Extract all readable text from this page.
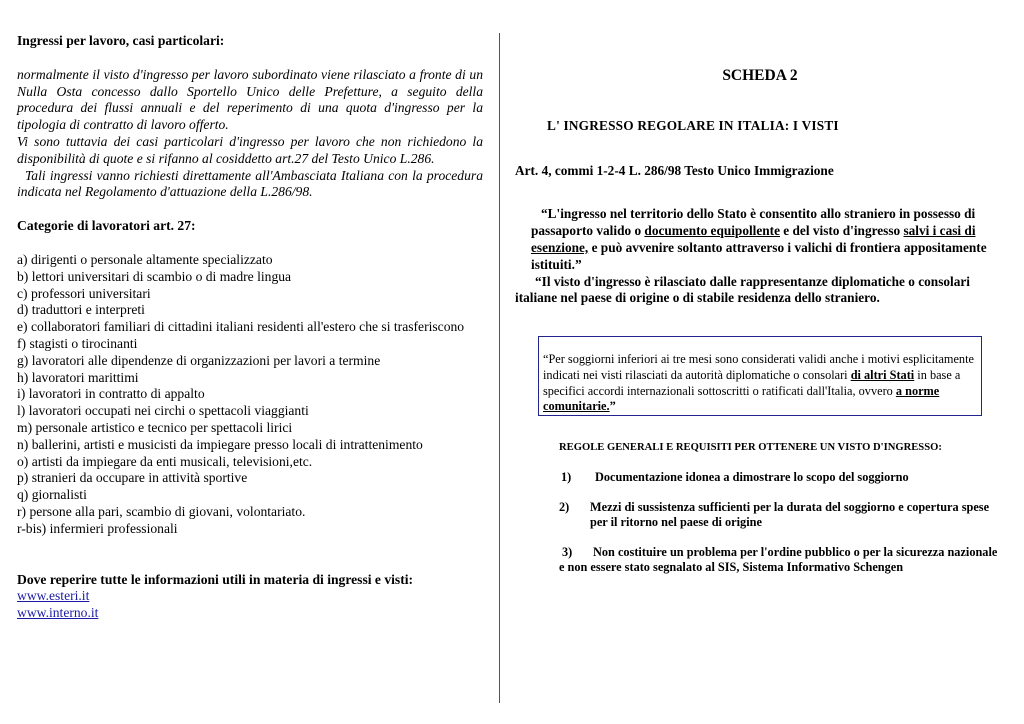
Ingressi per lavoro, casi particolari:
normalmente il visto d'ingresso per lavoro subordinato viene rilasciato a fronte di un Nulla Osta concesso dallo Sportello Unico delle Prefetture, a seguito della procedura dei flussi annuali e del reperimento di una quota d'ingresso per la tipologia di contratto di lavoro offerto.
Vi sono tuttavia dei casi particolari d'ingresso per lavoro che non richiedono la disponibilità di quote e si rifanno al cosiddetto art.27 del Testo Unico L.286.
Tali ingressi vanno richiesti direttamente all'Ambasciata Italiana con la procedura indicata nel Regolamento d'attuazione della L.286/98.
Categorie di lavoratori art. 27:
a) dirigenti o personale altamente specializzato
b) lettori universitari di scambio o di madre lingua
c) professori universitari
d) traduttori e interpreti
e) collaboratori familiari di cittadini italiani residenti all'estero che si trasferiscono
f) stagisti o tirocinanti
g) lavoratori alle dipendenze di organizzazioni per lavori a termine
h) lavoratori marittimi
i) lavoratori in contratto di appalto
l) lavoratori occupati nei circhi o spettacoli viaggianti
m) personale artistico e tecnico per spettacoli lirici
n) ballerini, artisti e musicisti da impiegare presso locali di intrattenimento
o) artisti da impiegare da enti musicali, televisioni,etc.
p) stranieri da occupare in attività sportive
q) giornalisti
r) persone alla pari, scambio di giovani, volontariato.
r-bis) infermieri professionali
Dove reperire tutte le informazioni utili in materia di ingressi e visti:
www.esteri.it
www.interno.it
SCHEDA 2
L' INGRESSO REGOLARE IN ITALIA: I VISTI
Art. 4, commi 1-2-4 L. 286/98 Testo Unico Immigrazione

“L'ingresso nel territorio dello Stato è consentito allo straniero in possesso di passaporto valido o documento equipollente e del visto d'ingresso salvi i casi di esenzione, e può avvenire soltanto attraverso i valichi di frontiera appositamente istituiti.”

“Il visto d'ingresso è rilasciato dalle rappresentanze diplomatiche o consolari italiane nel paese di origine o di stabile residenza dello straniero.

“Per soggiorni inferiori ai tre mesi sono considerati validi anche i motivi esplicitamente indicati nei visti rilasciati da autorità diplomatiche o consolari di altri Stati in base a specifici accordi internazionali sottoscritti o ratificati dall'Italia, ovvero a norme comunitarie.”
REGOLE GENERALI E REQUISITI PER OTTENERE UN VISTO D'INGRESSO:

1) Documentazione idonea a dimostrare lo scopo del soggiorno

2) Mezzi di sussistenza sufficienti per la durata del soggiorno e copertura spese per il ritorno nel paese di origine

3) Non costituire un problema per l'ordine pubblico o per la sicurezza nazionale e non essere stato segnalato al SIS, Sistema Informativo Schengen
